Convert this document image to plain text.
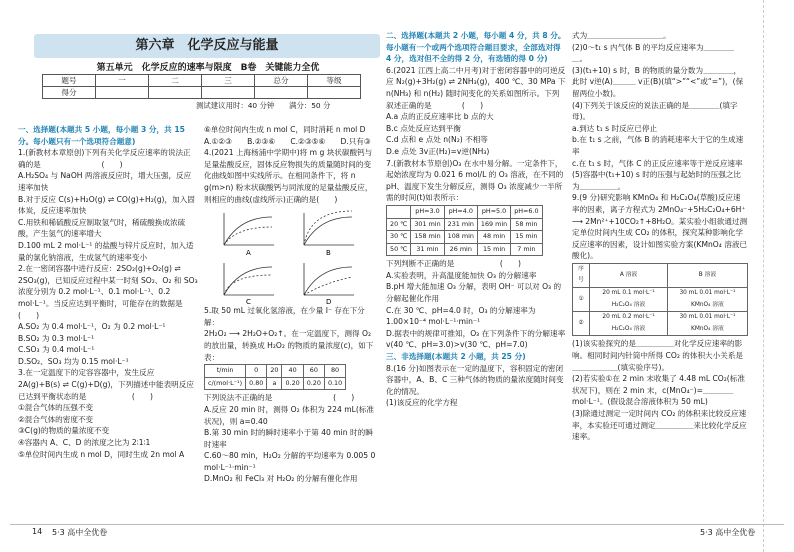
第六章　化学反应与能量
第五单元　化学反应的速率与限度　B卷　关键能力全优
题号	一	二	三	总分	等级
得分					
测试建议用时：40 分钟　　满分：50 分

一、选择题(本题共 5 小题，每小题 3 分，共 15 分。每小题只有一个选项符合题意)

1.(新教材本章原创)下列有关化学反应速率的说法正确的是　　　　　　　　(　　)

A.H₂SO₄ 与 NaOH 两溶液反应时，增大压强，反应速率加快

B.对于反应 C(s)+H₂O(g) ⇌ CO(g)+H₂(g)，加入固体炭，反应速率加快

C.用铁和稀硫酸反应制取氢气时，稀硫酸换成浓硫酸，产生氢气的速率增大

D.100 mL 2 mol·L⁻¹ 的盐酸与锌片反应时，加入适量的氯化钠溶液，生成氢气的速率变小

2.在一密闭容器中进行反应：2SO₂(g)+O₂(g) ⇌ 2SO₃(g)，已知反应过程中某一时刻 SO₂、O₂ 和 SO₃ 浓度分别为 0.2 mol·L⁻¹、0.1 mol·L⁻¹、0.2 mol·L⁻¹。当反应达到平衡时，可能存在的数据是　　　　　　(　　)

A.SO₂ 为 0.4 mol·L⁻¹，O₂ 为 0.2 mol·L⁻¹

B.SO₂ 为 0.3 mol·L⁻¹

C.SO₃ 为 0.4 mol·L⁻¹

D.SO₂、SO₃ 均为 0.15 mol·L⁻¹

3.在一定温度下的定容容器中，发生反应 2A(g)+B(s) ⇌ C(g)+D(g)，下列描述中能表明反应已达到平衡状态的是　　　　　　(　　)

①混合气体的压强不变

②混合气体的密度不变

③C(g)的物质的量浓度不变

④容器内 A、C、D 的浓度之比为 2∶1∶1

⑤单位时间内生成 n mol D，同时生成 2n mol A

⑥单位时间内生成 n mol C，同时消耗 n mol D

A.①②③　　B.②③⑥　　C.②③⑤⑥　　D.只有③

4.(2021 上海杨浦中学期中)将 m g 块状碳酸钙与足量盐酸反应，固体反应物损失的质量随时间的变化曲线如图中实线所示。在相同条件下，将 n g(m>n) 粉末状碳酸钙与同浓度的足量盐酸反应，则相应的曲线(虚线所示)正确的是(　　)

A	B
C	D

5.取 50 mL 过氧化氢溶液，在少量 I⁻ 存在下分解：

2H₂O₂ ⟶ 2H₂O+O₂↑。在一定温度下，测得 O₂ 的放出量，转换成 H₂O₂ 的物质的量浓度(c)，如下表：

t/min	0	20	40	60	80
c/(mol·L⁻¹)	0.80	a	0.20	0.20	0.10

下列说法不正确的是　　　　　　　　(　　)

A.反应 20 min 时，测得 O₂ 体积为 224 mL(标准状况)，则 a=0.40

B.第 30 min 时的瞬时速率小于第 40 min 时的瞬时速率

C.60～80 min，H₂O₂ 分解的平均速率为 0.005 0 mol·L⁻¹·min⁻¹

D.MnO₂ 和 FeCl₃ 对 H₂O₂ 的分解有催化作用

二、选择题(本题共 2 小题，每小题 4 分，共 8 分。每小题有一个或两个选项符合题目要求，全部选对得 4 分，选对但不全的得 2 分，有选错的得 0 分)

6.(2021 江西上高二中月考)对于密闭容器中的可逆反应 N₂(g)+3H₂(g) ⇌ 2NH₃(g)，400 ℃、30 MPa 下 n(NH₃) 和 n(H₂) 随时间变化的关系如图所示。下列叙述正确的是　　　　(　　)

A.a 点的正反应速率比 b 点的大

B.c 点处反应达到平衡

C.d 点和 e 点处 n(N₂) 不相等

D.e 点处 3v正(H₂)=v逆(NH₃)

7.(新教材本节原创)O₃ 在水中易分解。一定条件下，起始浓度均为 0.021 6 mol/L 的 O₃ 溶液，在不同的 pH、温度下发生分解反应，测得 O₃ 浓度减少一半所需的时间(t)如表所示：

	pH=3.0	pH=4.0	pH=5.0	pH=6.0
20 ℃	301 min	231 min	169 min	58 min
30 ℃	158 min	108 min	48 min	15 min
50 ℃	31 min	26 min	15 min	7 min

下列判断不正确的是　　　　　　(　　)

A.实验表明，升高温度能加快 O₃ 的分解速率

B.pH 增大能加速 O₃ 分解，表明 OH⁻ 可以对 O₃ 的分解起催化作用

C.在 30 ℃、pH=4.0 时，O₃ 的分解速率为 1.00×10⁻⁴ mol·L⁻¹·min⁻¹

D.据表中的规律可推知，O₃ 在下列条件下的分解速率 v(40 ℃、pH=3.0)>v(30 ℃、pH=7.0)

三、非选择题(本题共 2 小题，共 25 分)

8.(16 分)如图表示在一定的温度下，容积固定的密闭容器中，A、B、C 三种气体的物质的量浓度随时间变化的情况。

(1)该反应的化学方程

式为＿＿＿＿＿＿＿＿＿＿。

(2)0～t₁ s 内气体 B 的平均反应速率为＿＿＿＿＿。

(3)(t₁+10) s 时，B 的物质的量分数为＿＿＿＿，此时 v逆(A)＿＿＿ v正(B)(填“>”“<”或“=”)，(保留两位小数)。

(4)下列关于该反应的说法正确的是＿＿＿＿(填字母)。

a.到达 t₁ s 时反应已停止

b.在 t₁ s 之前，气体 B 的消耗速率大于它的生成速率

c.在 t₁ s 时，气体 C 的正反应速率等于逆反应速率

(5)容器中(t₁+10) s 时的压强与起始时的压强之比为＿＿＿＿＿。

9.(9 分)研究影响 KMnO₄ 和 H₂C₂O₄(草酸)反应速率的因素，离子方程式为 2MnO₄⁻+5H₂C₂O₄+6H⁺ ⟶ 2Mn²⁺+10CO₂↑+8H₂O。某实验小组欲通过测定单位时间内生成 CO₂ 的体积，探究某种影响化学反应速率的因素，设计如图实验方案(KMnO₄ 溶液已酸化)。

序号	A 溶液	B 溶液
①	20 mL 0.1 mol·L⁻¹ H₂C₂O₄ 溶液	30 mL 0.01 mol·L⁻¹ KMnO₄ 溶液
②	20 mL 0.2 mol·L⁻¹ H₂C₂O₄ 溶液	30 mL 0.01 mol·L⁻¹ KMnO₄ 溶液

(1)该实验探究的是＿＿＿＿＿对化学反应速率的影响。相同时间内针筒中所得 CO₂ 的体积大小关系是＿＿＿＿＿＿(填实验序号)。

(2)若实验①在 2 min 末收集了 4.48 mL CO₂(标准状况下)，则在 2 min 末，c(MnO₄⁻)=＿＿＿＿ mol·L⁻¹。(假设混合溶液体积为 50 mL)

(3)除通过测定一定时间内 CO₂ 的体积来比较反应速率，本实验还可通过测定＿＿＿＿＿来比较化学反应速率。

14 5·3 高中全优卷	5·3 高中全优卷
